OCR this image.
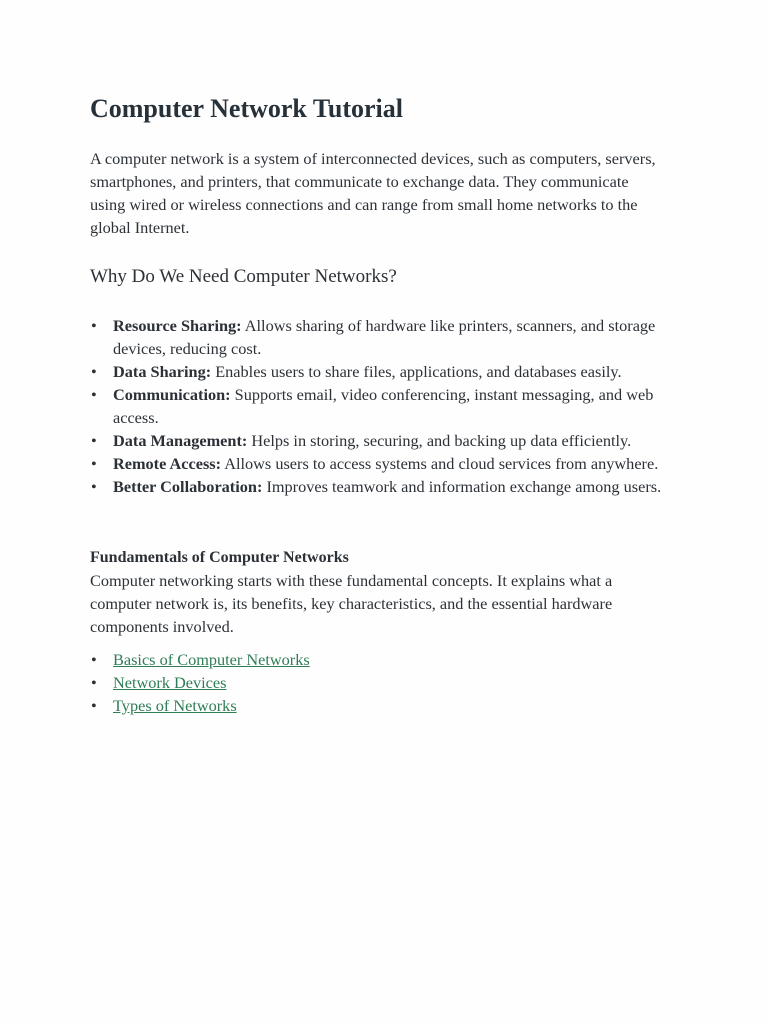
Computer Network Tutorial

A computer network is a system of interconnected devices, such as computers, servers, smartphones, and printers, that communicate to exchange data. They communicate using wired or wireless connections and can range from small home networks to the global Internet.

Why Do We Need Computer Networks?
• Resource Sharing: Allows sharing of hardware like printers, scanners, and storage devices, reducing cost.
• Data Sharing: Enables users to share files, applications, and databases easily.
• Communication: Supports email, video conferencing, instant messaging, and web access.
• Data Management: Helps in storing, securing, and backing up data efficiently.
• Remote Access: Allows users to access systems and cloud services from anywhere.
• Better Collaboration: Improves teamwork and information exchange among users.
Fundamentals of Computer Networks

Computer networking starts with these fundamental concepts. It explains what a computer network is, its benefits, key characteristics, and the essential hardware components involved.

• Basics of Computer Networks
• Network Devices
• Types of Networks
